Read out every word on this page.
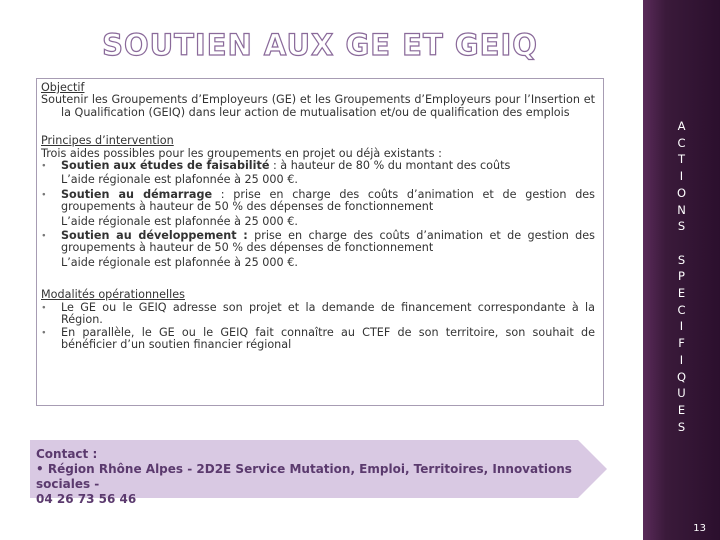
A
C
T
I
O
N
S

S
P
E
C
I
F
I
Q
U
E
S
13
SOUTIEN AUX GE ET GEIQ

Objectif

Soutenir les Groupements d’Employeurs (GE) et les Groupements d’Employeurs pour l’Insertion et la Qualification (GEIQ) dans leur action de mutualisation et/ou de qualification des emplois

Principes d’intervention

Trois aides possibles pour les groupements en projet ou déjà existants :

∙ Soutien aux études de faisabilité : à hauteur de 80 % du montant des coûts

L’aide régionale est plafonnée à 25 000 €.

∙ Soutien au démarrage : prise en charge des coûts d’animation et de gestion des groupements à hauteur de 50 % des dépenses de fonctionnement

L’aide régionale est plafonnée à 25 000 €.

∙ Soutien au développement : prise en charge des coûts d’animation et de gestion des groupements à hauteur de 50 % des dépenses de fonctionnement

L’aide régionale est plafonnée à 25 000 €.

Modalités opérationnelles

∙ Le GE ou le GEIQ adresse son projet et la demande de financement correspondante à la Région.
∙ En parallèle, le GE ou le GEIQ fait connaître au CTEF de son territoire, son souhait de bénéficier d’un soutien financier régional
Contact :
• Région Rhône Alpes - 2D2E Service Mutation, Emploi, Territoires, Innovations sociales -
04 26 73 56 46
